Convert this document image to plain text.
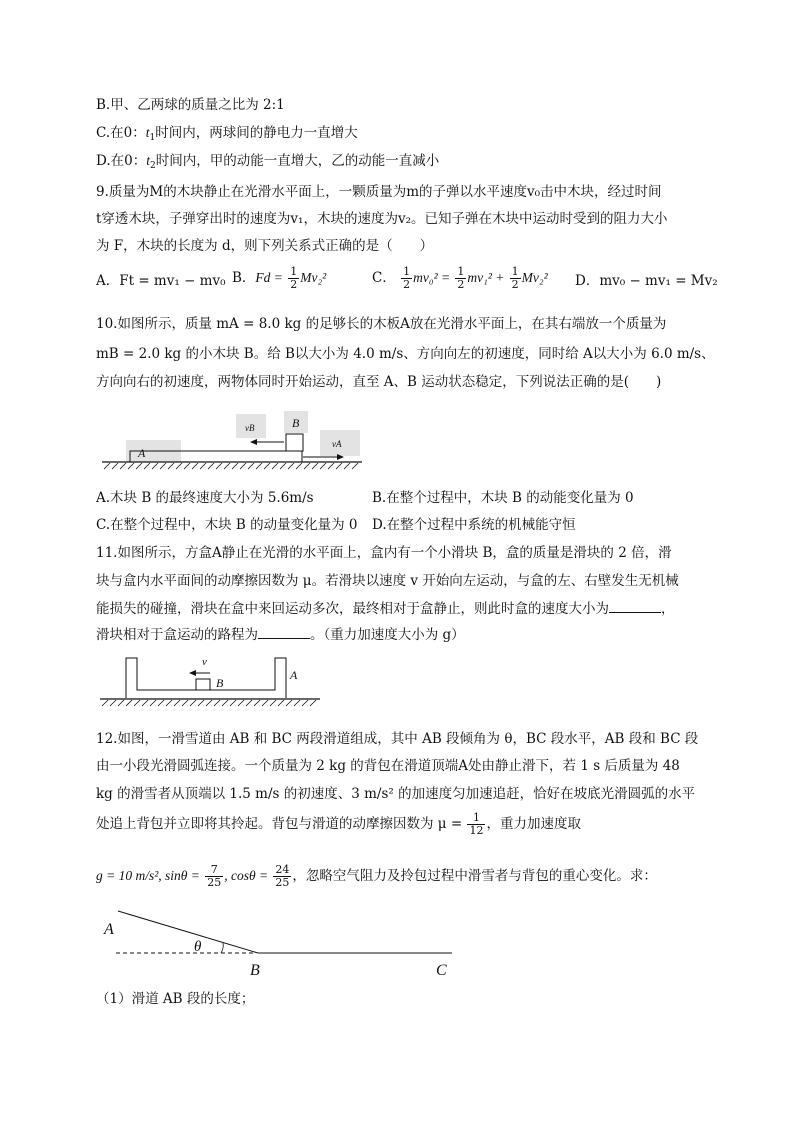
B.甲、乙两球的质量之比为 2:1
C.在0：$t_1$时间内，两球间的静电力一直增大
D.在0：$t_2$时间内，甲的动能一直增大，乙的动能一直减小
9.质量为M的木块静止在光滑水平面上，一颗质量为m的子弹以水平速度v₀击中木块，经过时间
t穿透木块，子弹穿出时的速度为v₁，木块的速度为v₂。已知子弹在木块中运动时受到的阻力大小
为 F，木块的长度为 d，则下列关系式正确的是（　　）
A．Ft = mv₁ − mv₀ B．$Fd = \frac{1}{2} Mv_2^2$	C． $\frac{1}{2} mv_0^2 = \frac{1}{2} mv_1^2 + \frac{1}{2} Mv_2^2$ D．mv₀ − mv₁ = Mv₂
10.如图所示，质量 mA = 8.0 kg 的足够长的木板A放在光滑水平面上，在其右端放一个质量为
mB = 2.0 kg 的小木块 B。给 B以大小为 4.0 m/s、方向向左的初速度，同时给 A以大小为 6.0 m/s、
方向向右的初速度，两物体同时开始运动，直至 A、B 运动状态稳定，下列说法正确的是(　　)
A
B
vB
vA
A.木块 B 的最终速度大小为 5.6m/s	B.在整个过程中，木块 B 的动能变化量为 0
C.在整个过程中，木块 B 的动量变化量为 0 D.在整个过程中系统的机械能守恒
11.如图所示，方盒A静止在光滑的水平面上，盒内有一个小滑块 B，盒的质量是滑块的 2 倍，滑
块与盒内水平面间的动摩擦因数为 μ。若滑块以速度 v 开始向左运动，与盒的左、右壁发生无机械
能损失的碰撞，滑块在盒中来回运动多次，最终相对于盒静止，则此时盒的速度大小为	，
滑块相对于盒运动的路程为	。（重力加速度大小为 g）
v
B
A
12.如图，一滑雪道由 AB 和 BC 两段滑道组成，其中 AB 段倾角为 θ，BC 段水平，AB 段和 BC 段
由一小段光滑圆弧连接。一个质量为 2 kg 的背包在滑道顶端A处由静止滑下，若 1 s 后质量为 48
kg 的滑雪者从顶端以 1.5 m/s 的初速度、3 m/s² 的加速度匀加速追赶，恰好在坡底光滑圆弧的水平
处追上背包并立即将其拎起。背包与滑道的动摩擦因数为 $\mu = \frac{1}{12}$ ，重力加速度取
g = 10 m/s², $\sin\theta = \frac{7}{25}$ , $\cos\theta = \frac{24}{25}$ ，忽略空气阻力及拎包过程中滑雪者与背包的重心变化。求：
A
θ
B	C
（1）滑道 AB 段的长度；
